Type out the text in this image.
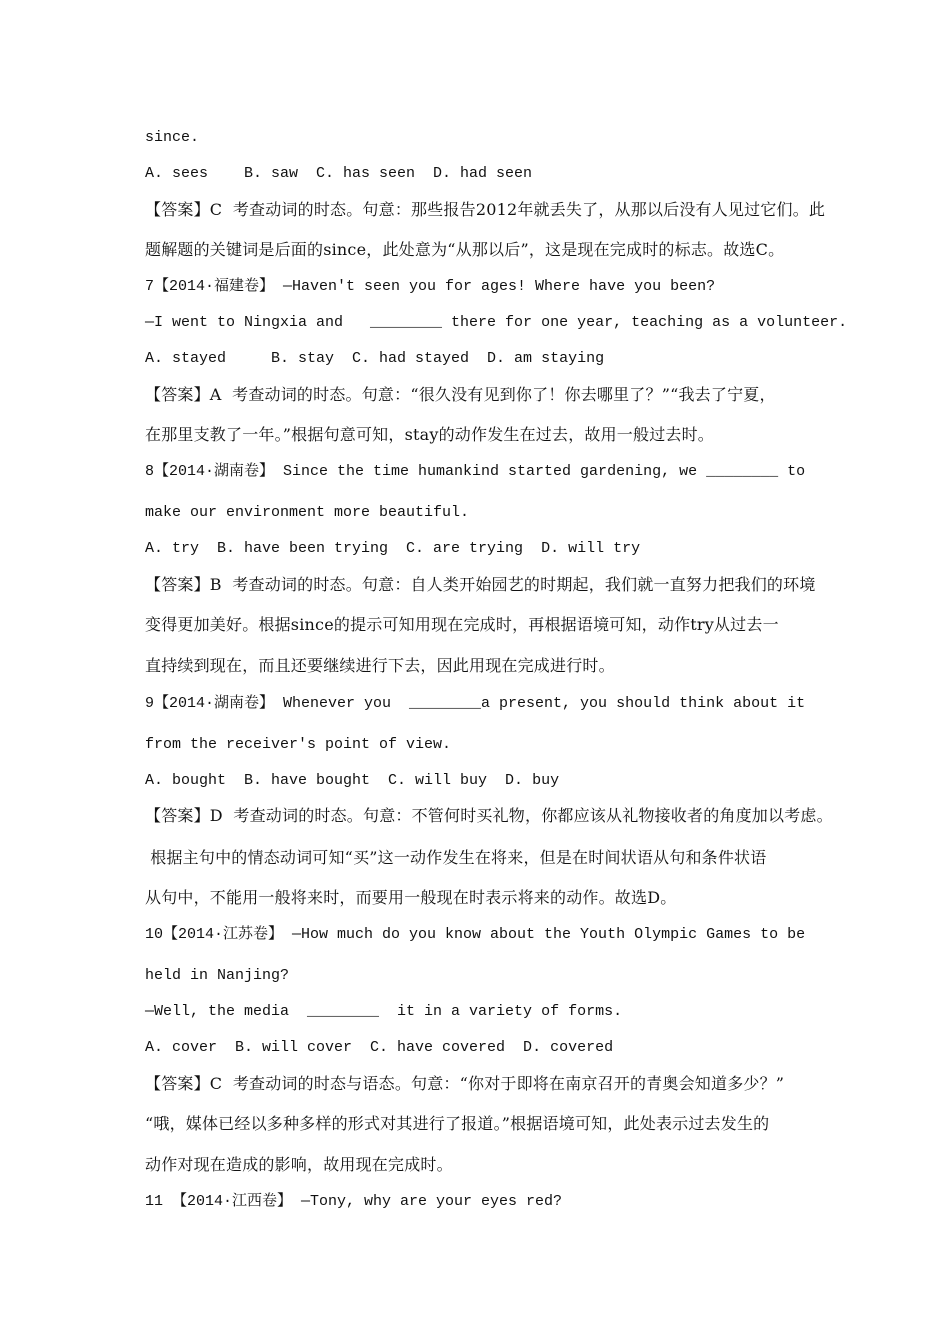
since.
A. sees    B. saw  C. has seen  D. had seen
【答案】C  考查动词的时态。句意：那些报告2012年就丢失了，从那以后没有人见过它们。此
题解题的关键词是后面的since，此处意为“从那以后”，这是现在完成时的标志。故选C。
7【2014·福建卷】 —Haven't seen you for ages! Where have you been?
—I went to Ningxia and   ________ there for one year, teaching as a volunteer.
A. stayed     B. stay  C. had stayed  D. am staying
【答案】A  考查动词的时态。句意：“很久没有见到你了！你去哪里了？”“我去了宁夏，
在那里支教了一年。”根据句意可知，stay的动作发生在过去，故用一般过去时。
8【2014·湖南卷】 Since the time humankind started gardening, we ________ to
make our environment more beautiful.
A. try  B. have been trying  C. are trying  D. will try
【答案】B  考查动词的时态。句意：自人类开始园艺的时期起，我们就一直努力把我们的环境
变得更加美好。根据since的提示可知用现在完成时，再根据语境可知，动作try从过去一
直持续到现在，而且还要继续进行下去，因此用现在完成进行时。
9【2014·湖南卷】 Whenever you  ________a present, you should think about it
from the receiver's point of view.
A. bought  B. have bought  C. will buy  D. buy
【答案】D  考查动词的时态。句意：不管何时买礼物，你都应该从礼物接收者的角度加以考虑。
根据主句中的情态动词可知“买”这一动作发生在将来，但是在时间状语从句和条件状语
从句中，不能用一般将来时，而要用一般现在时表示将来的动作。故选D。
10【2014·江苏卷】 —How much do you know about the Youth Olympic Games to be
held in Nanjing?
—Well, the media  ________  it in a variety of forms.
A. cover  B. will cover  C. have covered  D. covered
【答案】C  考查动词的时态与语态。句意：“你对于即将在南京召开的青奥会知道多少？”
“哦，媒体已经以多种多样的形式对其进行了报道。”根据语境可知，此处表示过去发生的
动作对现在造成的影响，故用现在完成时。
11 【2014·江西卷】 —Tony, why are your eyes red?
